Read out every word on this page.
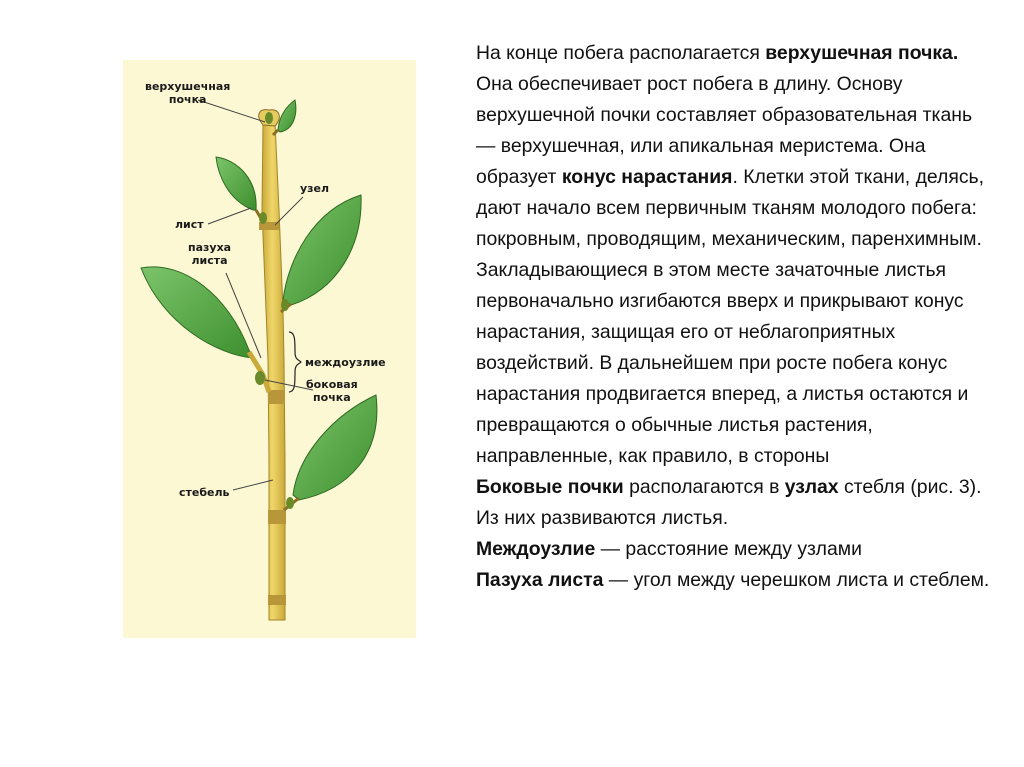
верхушечная
почка
узел
лист
пазуха
листа
междоузлие
боковая
почка
стебель

На конце побега располагается верхушечная почка. Она обеспечивает рост побега в длину. Основу верхушечной почки составляет образовательная ткань — верхушечная, или апикальная меристема. Она образует конус нарастания. Клетки этой ткани, делясь, дают начало всем первичным тканям молодого побега: покровным, проводящим, механическим, паренхимным. Закладывающиеся в этом месте зачаточные листья первоначально изгибаются вверх и прикрывают конус нарастания, защищая его от неблагоприятных воздействий. В дальнейшем при росте побега конус нарастания продвигается вперед, а листья остаются и превращаются о обычные листья растения, направленные, как правило, в стороны

Боковые почки располагаются в узлах стебля (рис. 3). Из них развиваются листья.

Междоузлие — расстояние между узлами

Пазуха листа — угол между черешком листа и стеблем.
